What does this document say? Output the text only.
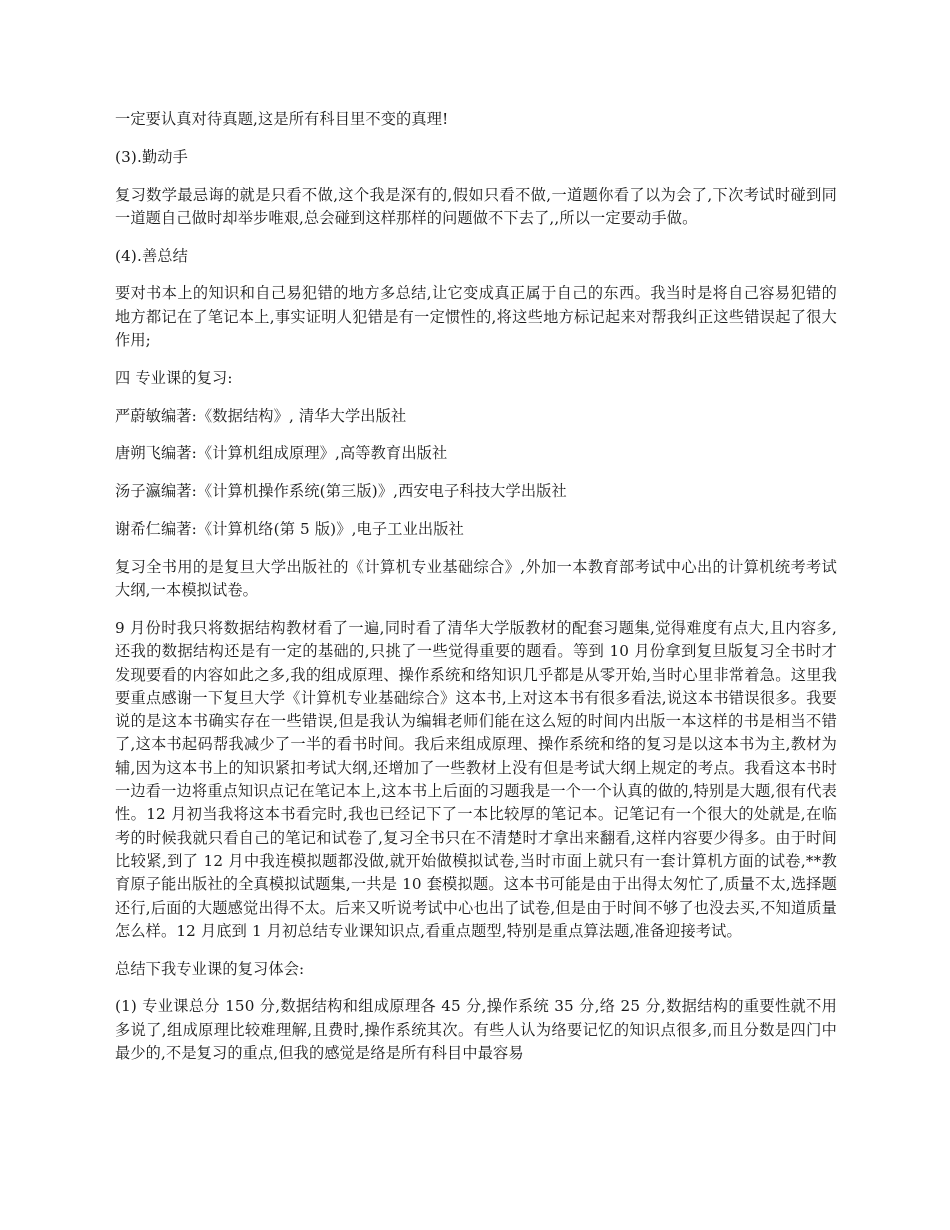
一定要认真对待真题,这是所有科目里不变的真理!

(3).勤动手

复习数学最忌诲的就是只看不做,这个我是深有的,假如只看不做,一道题你看了以为会了,下次考试时碰到同一道题自己做时却举步唯艰,总会碰到这样那样的问题做不下去了,,所以一定要动手做。

(4).善总结

要对书本上的知识和自己易犯错的地方多总结,让它变成真正属于自己的东西。我当时是将自己容易犯错的地方都记在了笔记本上,事实证明人犯错是有一定惯性的,将这些地方标记起来对帮我纠正这些错误起了很大作用;

四 专业课的复习:

严蔚敏编著:《数据结构》, 清华大学出版社

唐朔飞编著:《计算机组成原理》,高等教育出版社

汤子瀛编著:《计算机操作系统(第三版)》,西安电子科技大学出版社

谢希仁编著:《计算机络(第 5 版)》,电子工业出版社

复习全书用的是复旦大学出版社的《计算机专业基础综合》,外加一本教育部考试中心出的计算机统考考试大纲,一本模拟试卷。

9 月份时我只将数据结构教材看了一遍,同时看了清华大学版教材的配套习题集,觉得难度有点大,且内容多,还我的数据结构还是有一定的基础的,只挑了一些觉得重要的题看。等到 10 月份拿到复旦版复习全书时才发现要看的内容如此之多,我的组成原理、操作系统和络知识几乎都是从零开始,当时心里非常着急。这里我要重点感谢一下复旦大学《计算机专业基础综合》这本书,上对这本书有很多看法,说这本书错误很多。我要说的是这本书确实存在一些错误,但是我认为编辑老师们能在这么短的时间内出版一本这样的书是相当不错了,这本书起码帮我减少了一半的看书时间。我后来组成原理、操作系统和络的复习是以这本书为主,教材为辅,因为这本书上的知识紧扣考试大纲,还增加了一些教材上没有但是考试大纲上规定的考点。我看这本书时一边看一边将重点知识点记在笔记本上,这本书上后面的习题我是一个一个认真的做的,特别是大题,很有代表性。12 月初当我将这本书看完时,我也已经记下了一本比较厚的笔记本。记笔记有一个很大的处就是,在临考的时候我就只看自己的笔记和试卷了,复习全书只在不清楚时才拿出来翻看,这样内容要少得多。由于时间比较紧,到了 12 月中我连模拟题都没做,就开始做模拟试卷,当时市面上就只有一套计算机方面的试卷,**教育原子能出版社的全真模拟试题集,一共是 10 套模拟题。这本书可能是由于出得太匆忙了,质量不太,选择题还行,后面的大题感觉出得不太。后来又听说考试中心也出了试卷,但是由于时间不够了也没去买,不知道质量怎么样。12 月底到 1 月初总结专业课知识点,看重点题型,特别是重点算法题,准备迎接考试。

总结下我专业课的复习体会:

(1) 专业课总分 150 分,数据结构和组成原理各 45 分,操作系统 35 分,络 25 分,数据结构的重要性就不用多说了,组成原理比较难理解,且费时,操作系统其次。有些人认为络要记忆的知识点很多,而且分数是四门中最少的,不是复习的重点,但我的感觉是络是所有科目中最容易
